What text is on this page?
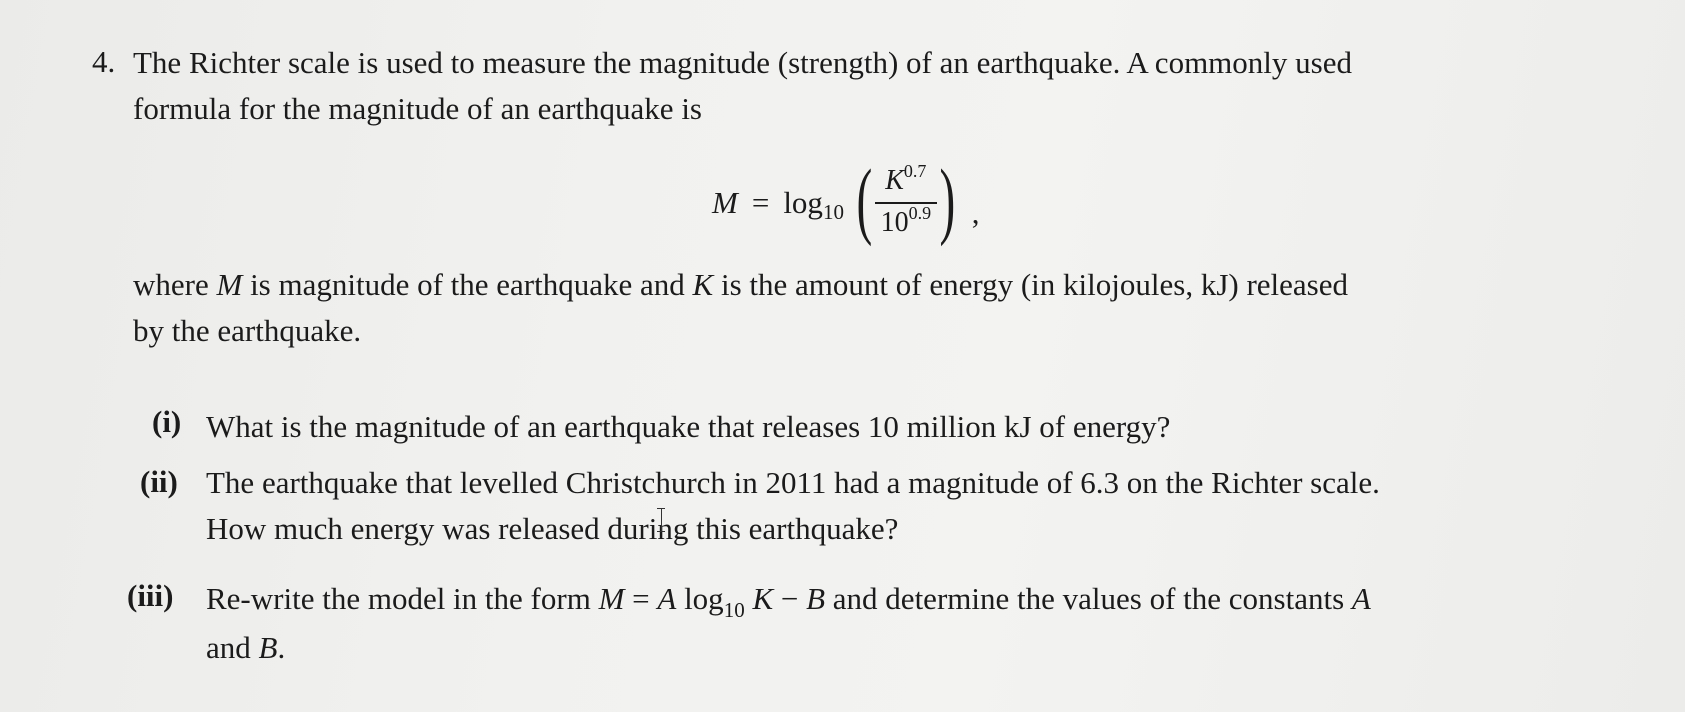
4. The Richter scale is used to measure the magnitude (strength) of an earthquake. A commonly used
formula for the magnitude of an earthquake is
M = log 10 ( $\frac{K^{0.7}}{10^{0.9}}$ ) ,
where M is magnitude of the earthquake and K is the amount of energy (in kilojoules, kJ) released
by the earthquake.
(i) What is the magnitude of an earthquake that releases 10 million kJ of energy?
(ii) The earthquake that levelled Christchurch in 2011 had a magnitude of 6.3 on the Richter scale.
How much energy was released during this earthquake?
(iii) Re-write the model in the form M = A $\log_{10} K - B$ and determine the values of the constants A
and B.
